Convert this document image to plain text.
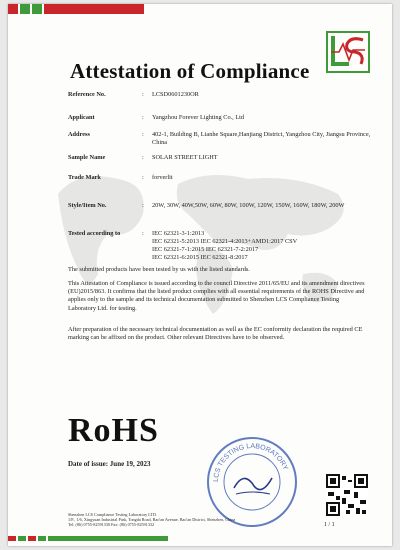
Attestation of Compliance
Reference No.	: LCSD0601230OR
Applicant	: Yangzhou Forever Lighting Co., Ltd
Address	: 402-1, Building B, Lianhe Square,Hanjiang District, Yangzhou City, Jiangsu Province, China
Sample Name	: SOLAR STREET LIGHT
Trade Mark	: forverlit
Style/Item No.	: 20W, 30W, 40W,50W, 60W, 80W, 100W, 120W, 150W, 160W, 180W, 200W
Tested according to	: IEC 62321-3-1:2013
IEC 62321-5:2013 IEC 62321-4:2013+AMD1:2017 CSV
IEC 62321-7-1:2015 IEC 62321-7-2:2017
IEC 62321-6:2015 IEC 62321-8:2017
The submitted products have been tested by us with the listed standards.
This Attestation of Compliance is issued according to the council Directive 2011/65/EU and its amendment directives (EU)2015/863. It confirms that the listed product complies with all essential requirements of the ROHS Directive and applies only to the sample and its technical documentation submitted to Shenzhen LCS Compliance Testing Laboratory Ltd. for testing.
After preparation of the necessary technical documentation as well as the EC conformity declaration the required CE marking can be affixed on the product. Other relevant Directives have to be observed.
RoHS
Date of issue: June 19, 2023
LCS TESTING LABORATORY
Shenzhen LCS Compliance Testing Laboratory LTD.
1/F., 1/6, Xingyuan Industrial Park, Tongda Road, Bao'an Avenue, Bao'an District, Shenzhen, China
Tel: (86) 0755-82591330 Fax: (86) 0755-82591332	1 / 1
